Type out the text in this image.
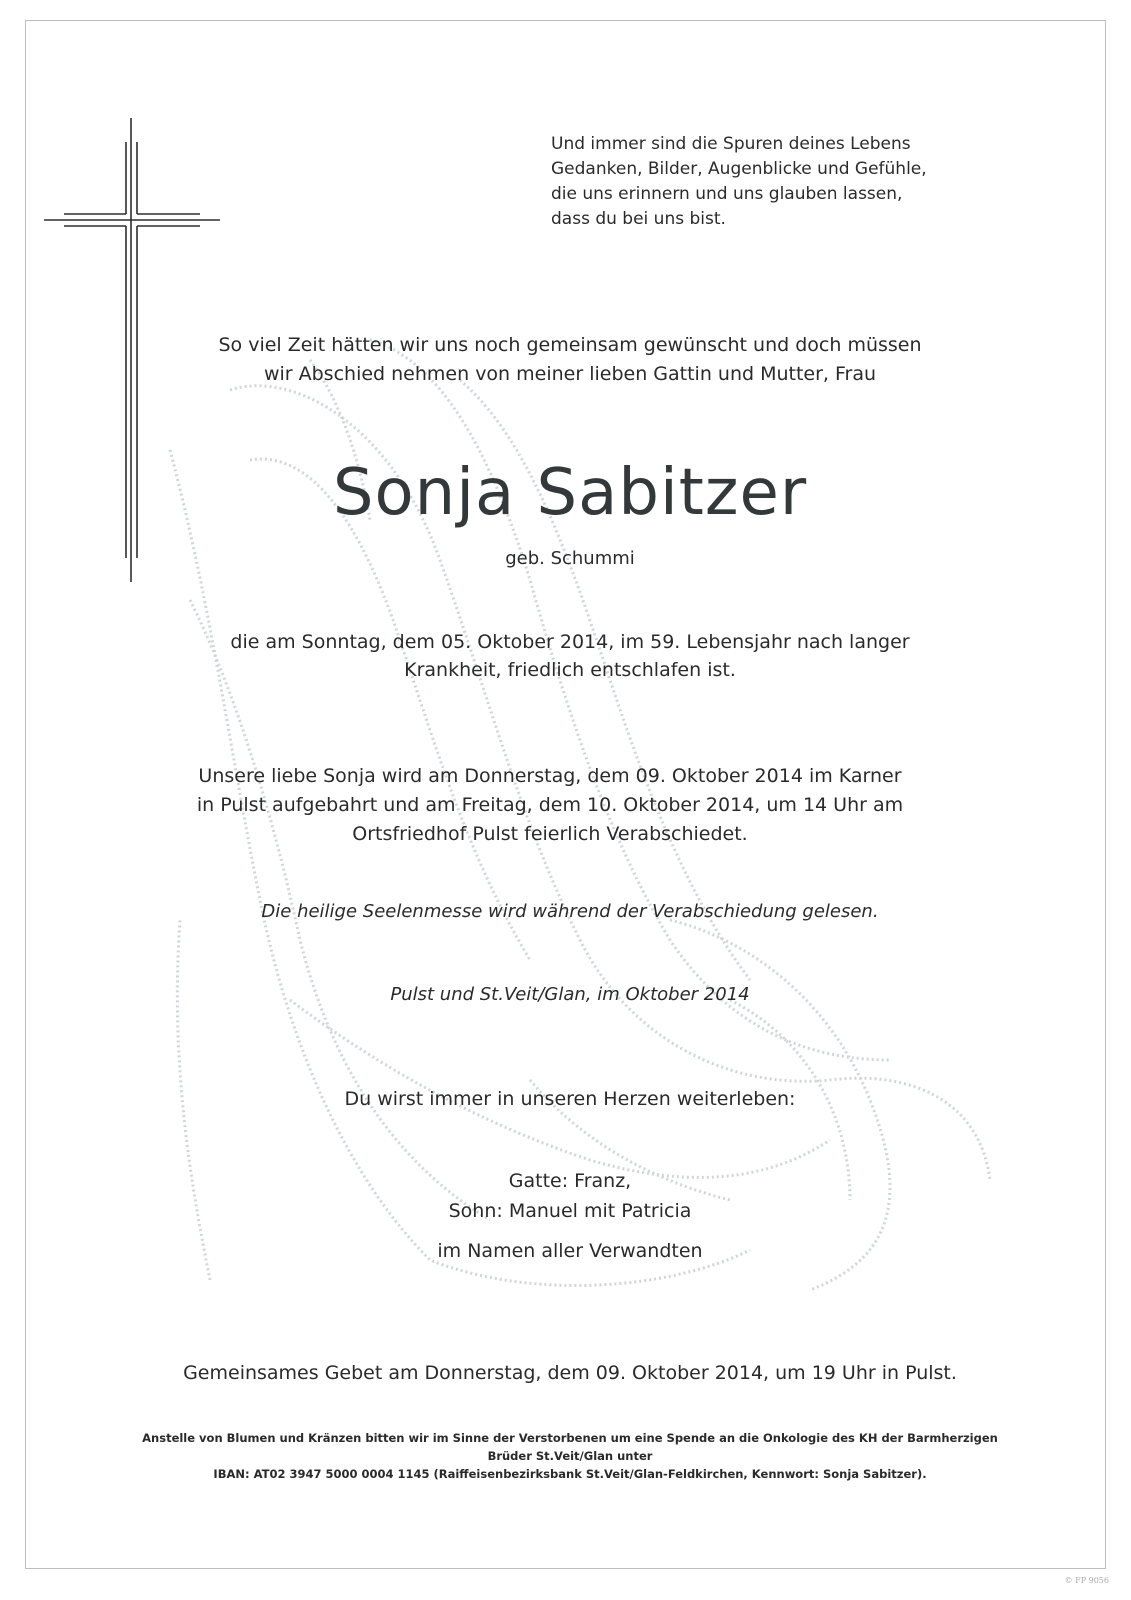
Und immer sind die Spuren deines Lebens
Gedanken, Bilder, Augenblicke und Gefühle,
die uns erinnern und uns glauben lassen,
dass du bei uns bist.
So viel Zeit hätten wir uns noch gemeinsam gewünscht und doch müssen
wir Abschied nehmen von meiner lieben Gattin und Mutter, Frau
Sonja Sabitzer
geb. Schummi
die am Sonntag, dem 05. Oktober 2014, im 59. Lebensjahr nach langer
Krankheit, friedlich entschlafen ist.
Unsere liebe Sonja wird am Donnerstag, dem 09. Oktober 2014 im Karner
in Pulst aufgebahrt und am Freitag, dem 10. Oktober 2014, um 14 Uhr am
Ortsfriedhof Pulst feierlich Verabschiedet.
Die heilige Seelenmesse wird während der Verabschiedung gelesen.
Pulst und St.Veit/Glan, im Oktober 2014
Du wirst immer in unseren Herzen weiterleben:
Gatte: Franz,
Sohn: Manuel mit Patricia
im Namen aller Verwandten
Gemeinsames Gebet am Donnerstag, dem 09. Oktober 2014, um 19 Uhr in Pulst.
Anstelle von Blumen und Kränzen bitten wir im Sinne der Verstorbenen um eine Spende an die Onkologie des KH der Barmherzigen
Brüder St.Veit/Glan unter
IBAN: AT02 3947 5000 0004 1145 (Raiffeisenbezirksbank St.Veit/Glan-Feldkirchen, Kennwort: Sonja Sabitzer).
© FP 9056
